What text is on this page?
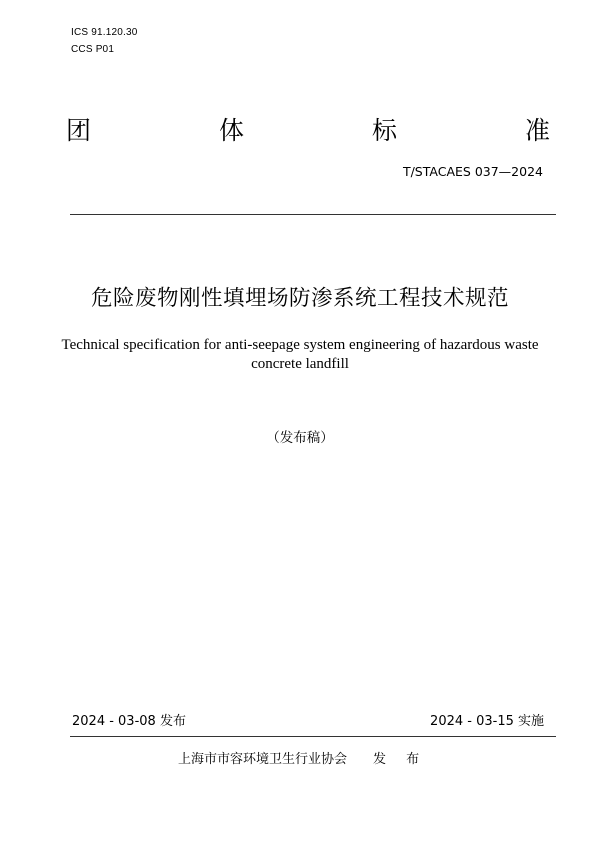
ICS 91.120.30
CCS P01
团	体	标	准
T/STACAES 037—2024
危险废物刚性填埋场防渗系统工程技术规范
Technical specification for anti-seepage system engineering of hazardous waste
concrete landfill
（发布稿）
2024 - 03-08 发布	2024 - 03-15 实施
上海市市容环境卫生行业协会 发 布
